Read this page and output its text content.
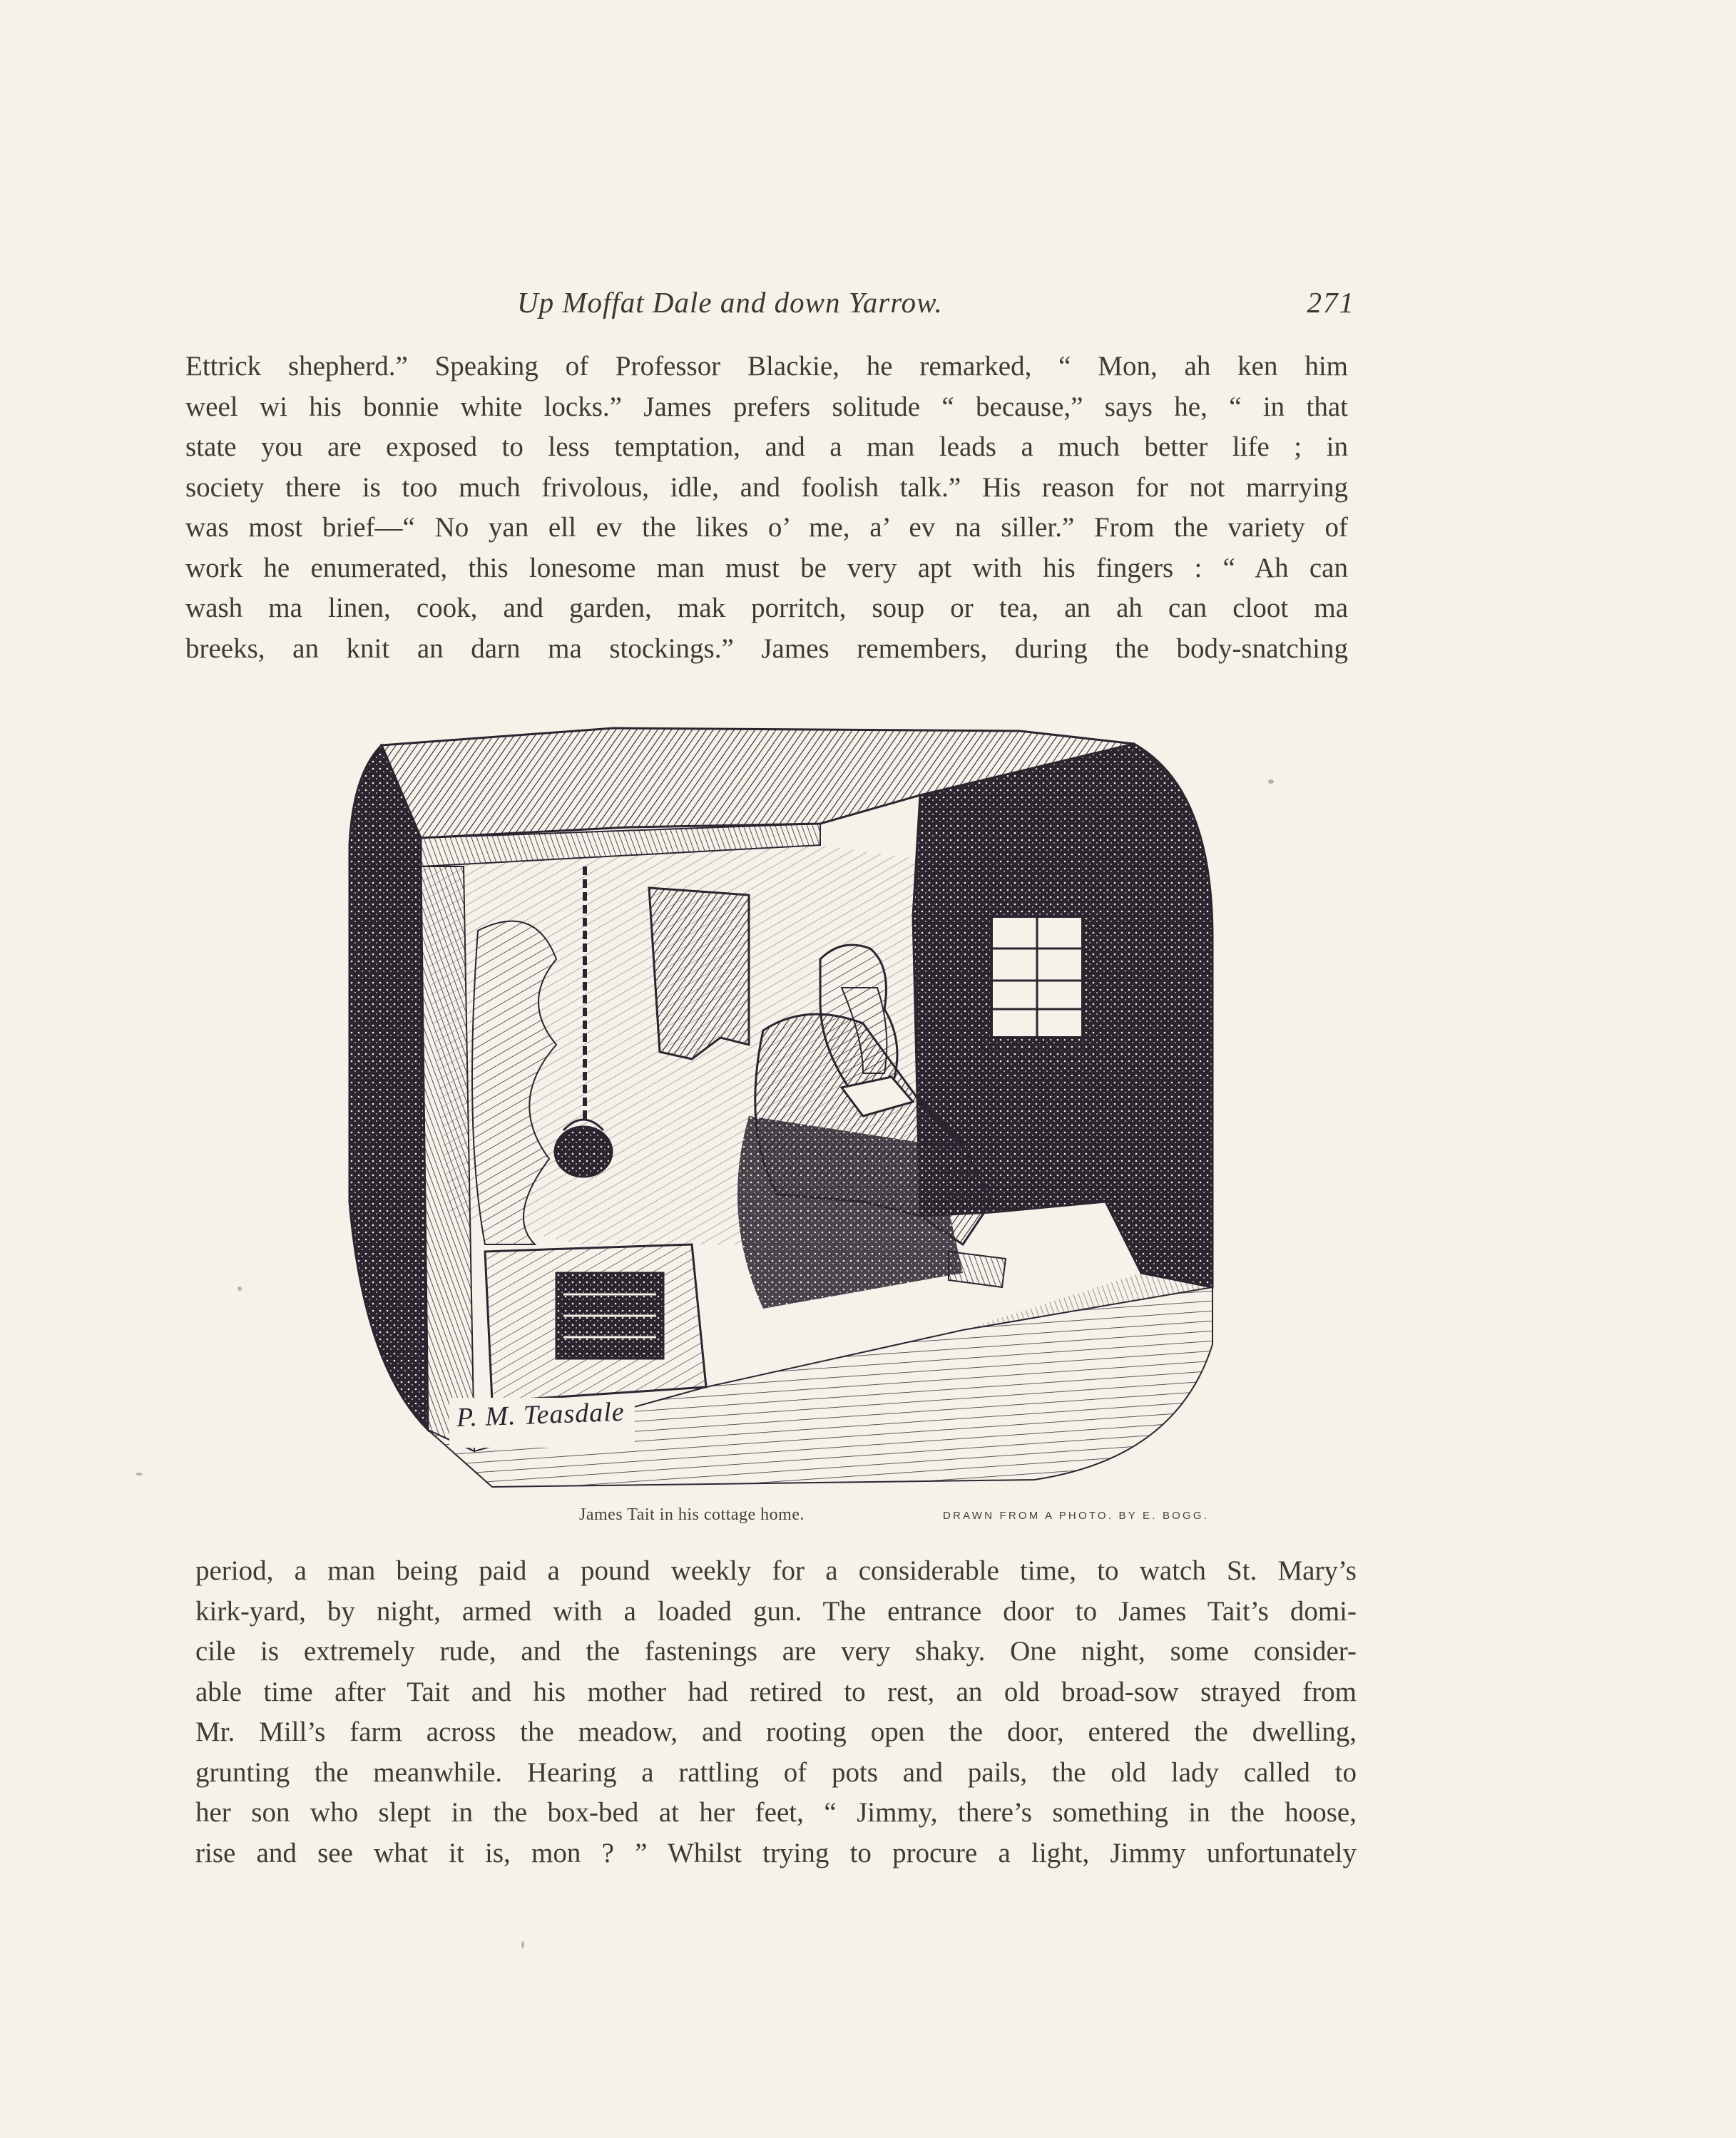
Up Moffat Dale and down Yarrow.	271
Ettrick shepherd.” Speaking of Professor Blackie, he remarked, “ Mon, ah ken him
weel wi his bonnie white locks.” James prefers solitude “ because,” says he, “ in that
state you are exposed to less temptation, and a man leads a much better life ; in
society there is too much frivolous, idle, and foolish talk.” His reason for not marrying
was most brief—“ No yan ell ev the likes o’ me, a’ ev na siller.” From the variety of
work he enumerated, this lonesome man must be very apt with his fingers : “ Ah can
wash ma linen, cook, and garden, mak porritch, soup or tea, an ah can cloot ma
breeks, an knit an darn ma stockings.” James remembers, during the body-snatching
P. M. Teasdale
James Tait in his cottage home.	DRAWN FROM A PHOTO. BY E. BOGG.
period, a man being paid a pound weekly for a considerable time, to watch St. Mary’s
kirk-yard, by night, armed with a loaded gun. The entrance door to James Tait’s domi-
cile is extremely rude, and the fastenings are very shaky. One night, some consider-
able time after Tait and his mother had retired to rest, an old broad-sow strayed from
Mr. Mill’s farm across the meadow, and rooting open the door, entered the dwelling,
grunting the meanwhile. Hearing a rattling of pots and pails, the old lady called to
her son who slept in the box-bed at her feet, “ Jimmy, there’s something in the hoose,
rise and see what it is, mon ? ” Whilst trying to procure a light, Jimmy unfortunately
